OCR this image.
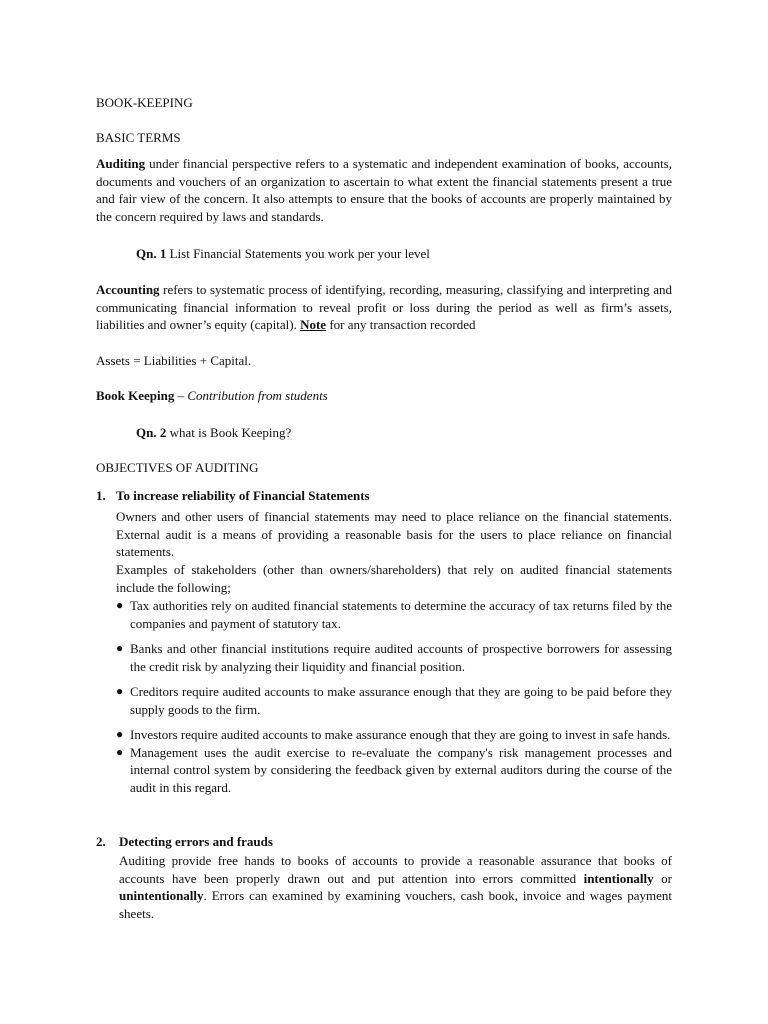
BOOK-KEEPING

BASIC TERMS

Auditing under financial perspective refers to a systematic and independent examination of books, accounts, documents and vouchers of an organization to ascertain to what extent the financial statements present a true and fair view of the concern. It also attempts to ensure that the books of accounts are properly maintained by the concern required by laws and standards.

Qn. 1 List Financial Statements you work per your level

Accounting refers to systematic process of identifying, recording, measuring, classifying and interpreting and communicating financial information to reveal profit or loss during the period as well as firm’s assets, liabilities and owner’s equity (capital). Note for any transaction recorded

Assets = Liabilities + Capital.

Book Keeping – Contribution from students

Qn. 2 what is Book Keeping?

OBJECTIVES OF AUDITING

1. To increase reliability of Financial Statements

Owners and other users of financial statements may need to place reliance on the financial statements. External audit is a means of providing a reasonable basis for the users to place reliance on financial statements.

Examples of stakeholders (other than owners/shareholders) that rely on audited financial statements include the following;

● Tax authorities rely on audited financial statements to determine the accuracy of tax returns filed by the companies and payment of statutory tax.
● Banks and other financial institutions require audited accounts of prospective borrowers for assessing the credit risk by analyzing their liquidity and financial position.
● Creditors require audited accounts to make assurance enough that they are going to be paid before they supply goods to the firm.
● Investors require audited accounts to make assurance enough that they are going to invest in safe hands.
● Management uses the audit exercise to re-evaluate the company's risk management processes and internal control system by considering the feedback given by external auditors during the course of the audit in this regard.

2. Detecting errors and frauds

Auditing provide free hands to books of accounts to provide a reasonable assurance that books of accounts have been properly drawn out and put attention into errors committed intentionally or unintentionally. Errors can examined by examining vouchers, cash book, invoice and wages payment sheets.
